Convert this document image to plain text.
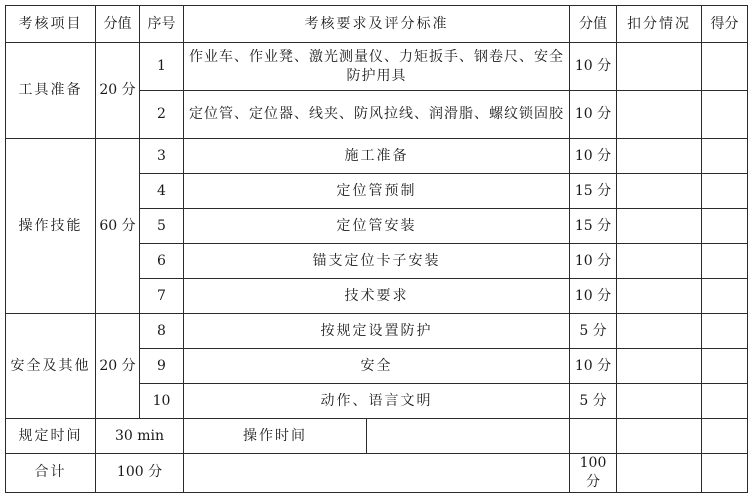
考核项目	分值	序号	考核要求及评分标准		分值	扣分情况	得分
工具准备	20 分	1	作业车、作业凳、激光测量仪、力矩扳手、钢卷尺、安全防护用具		10 分		
		2	定位管、定位器、线夹、防风拉线、润滑脂、螺纹锁固胶		10 分		
操作技能	60 分	3	施工准备		10 分		
		4	定位管预制		15 分		
		5	定位管安装		15 分		
		6	锚支定位卡子安装		10 分		
		7	技术要求		10 分		
安全及其他	20 分	8	按规定设置防护		5 分		
		9	安全		10 分		
		10	动作、语言文明		5 分		
规定时间	30 min		操作时间				
合计	100 分				100 分		
